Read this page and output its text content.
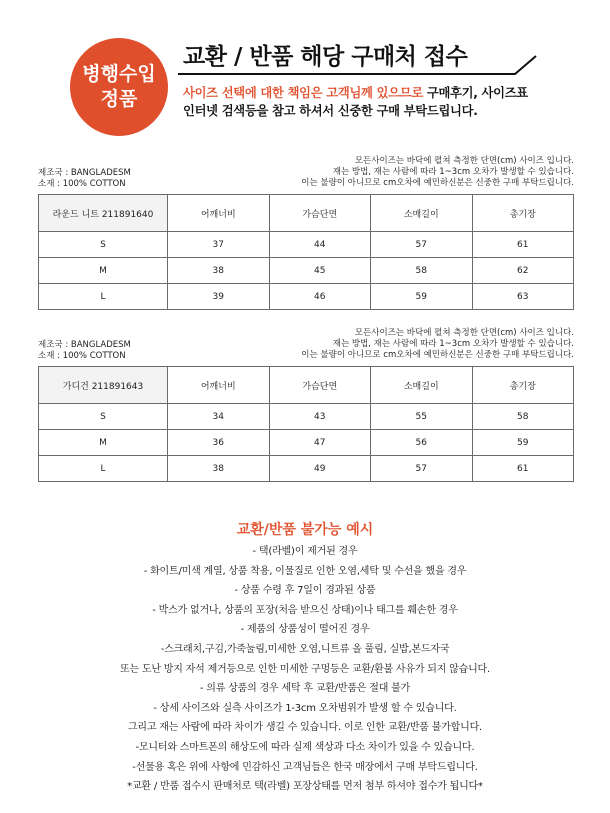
병행수입
정품
교환 / 반품 해당 구매처 접수
사이즈 선택에 대한 책임은 고객님께 있으므로 구매후기, 사이즈표
인터넷 검색등을 참고 하셔서 신중한 구매 부탁드립니다.
제조국 : BANGLADESM
소재 : 100% COTTON
모든사이즈는 바닥에 펼쳐 측정한 단면(cm) 사이즈 입니다.
재는 방법, 재는 사람에 따라 1~3cm 오차가 발생할 수 있습니다.
이는 불량이 아니므로 cm오차에 예민하신분은 신중한 구매 부탁드립니다.
라운드 니트 211891640	어깨너비	가슴단면	소매길이	총기장
S	37	44	57	61
M	38	45	58	62
L	39	46	59	63
제조국 : BANGLADESM
소재 : 100% COTTON
모든사이즈는 바닥에 펼쳐 측정한 단면(cm) 사이즈 입니다.
재는 방법, 재는 사람에 따라 1~3cm 오차가 발생할 수 있습니다.
이는 불량이 아니므로 cm오차에 예민하신분은 신중한 구매 부탁드립니다.
가디건 211891643	어깨너비	가슴단면	소매길이	총기장
S	34	43	55	58
M	36	47	56	59
L	38	49	57	61
교환/반품 불가능 예시
- 택(라벨)이 제거된 경우
- 화이트/미색 계열, 상품 착용, 이물질로 인한 오염,세탁 및 수선을 했을 경우
- 상품 수령 후 7일이 경과된 상품
- 박스가 없거나, 상품의 포장(처음 받으신 상태)이나 태그를 훼손한 경우
- 제품의 상품성이 떨어진 경우
-스크래치,구김,가죽눌림,미세한 오염,니트류 올 풀림, 실밥,본드자국
또는 도난 방지 자석 제거등으로 인한 미세한 구멍등은 교환/환불 사유가 되지 않습니다.
- 의류 상품의 경우 세탁 후 교환/반품은 절대 불가
- 상세 사이즈와 실측 사이즈가 1-3cm 오차범위가 발생 할 수 있습니다.
그리고 재는 사람에 따라 차이가 생길 수 있습니다. 이로 인한 교환/반품 불가합니다.
-모니터와 스마트폰의 해상도에 따라 실제 색상과 다소 차이가 있을 수 있습니다.
-선물용 혹은 위에 사항에 민감하신 고객님들은 한국 매장에서 구매 부탁드립니다.
*교환 / 반품 접수시 판매처로 택(라벨) 포장상태를 먼저 첨부 하셔야 접수가 됩니다*
